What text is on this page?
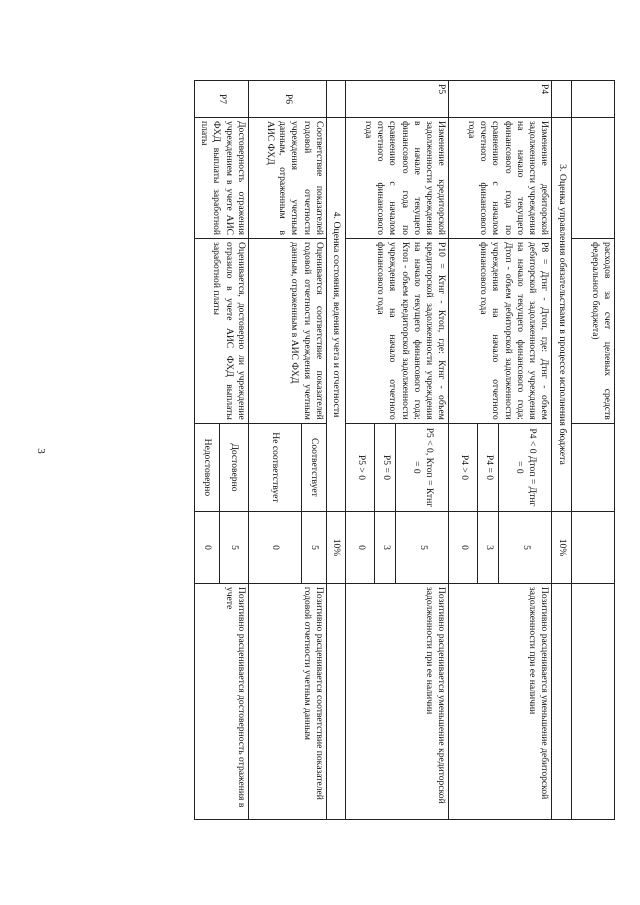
3
		расходов за счет целевых средств федерального бюджета)			
	3. Оценка управления обязательствами в процессе исполнения бюджета			10%	
P4	Изменение дебиторской задолженности учреждения на начало текущего финансового года по сравнению с началом отчетного финансового года	P8 = Дтнг - Дтоп, где: Дтнг - объем дебиторской задолженности учреждения на начало текущего финансового года; Дтоп - объем дебиторской задолженности учреждения на начало отчетного финансового года	P4 < 0 Дтоп = Дтнг = 0	5	Позитивно расценивается уменьшение дебиторской задолженности при ее наличии
			P4 = 0	3	
			P4 > 0	0	
P5	Изменение кредиторской задолженности учреждения в начале текущего финансового года по сравнению с началом отчетного финансового года	P10 = Ктнг - Ктоп, где: Ктнг - объем кредиторской задолженности учреждения на начало текущего финансового года; Ктоп - объем кредиторской задолженности учреждения на начало отчетного финансового года	P5 < 0, Ктоп = Ктнг = 0	5	Позитивно расценивается уменьшение кредиторской задолженности при ее наличии
			P5 = 0	3	
			P5 > 0	0	
	4. Оценка состояния, ведения учета и отчетности			10%	
P6	Соответствие показателей годовой отчетности учреждения учетным данным, отраженным в АИС ФХД	Оценивается соответствие показателей годовой отчетности учреждения учетным данным, отраженным в АИС ФХД	Соответствует	5	Позитивно расценивается соответствие показателей годовой отчетности учетным данным
			Не соответствует	0	
P7	Достоверность отражения учреждением в учете АИС ФХД выплаты заработной платы	Оценивается, достоверно ли учреждение отразило в учете АИС ФХД выплаты заработной платы	Достоверно	5	Позитивно расценивается достоверность отражения в учете
			Недостоверно	0	
